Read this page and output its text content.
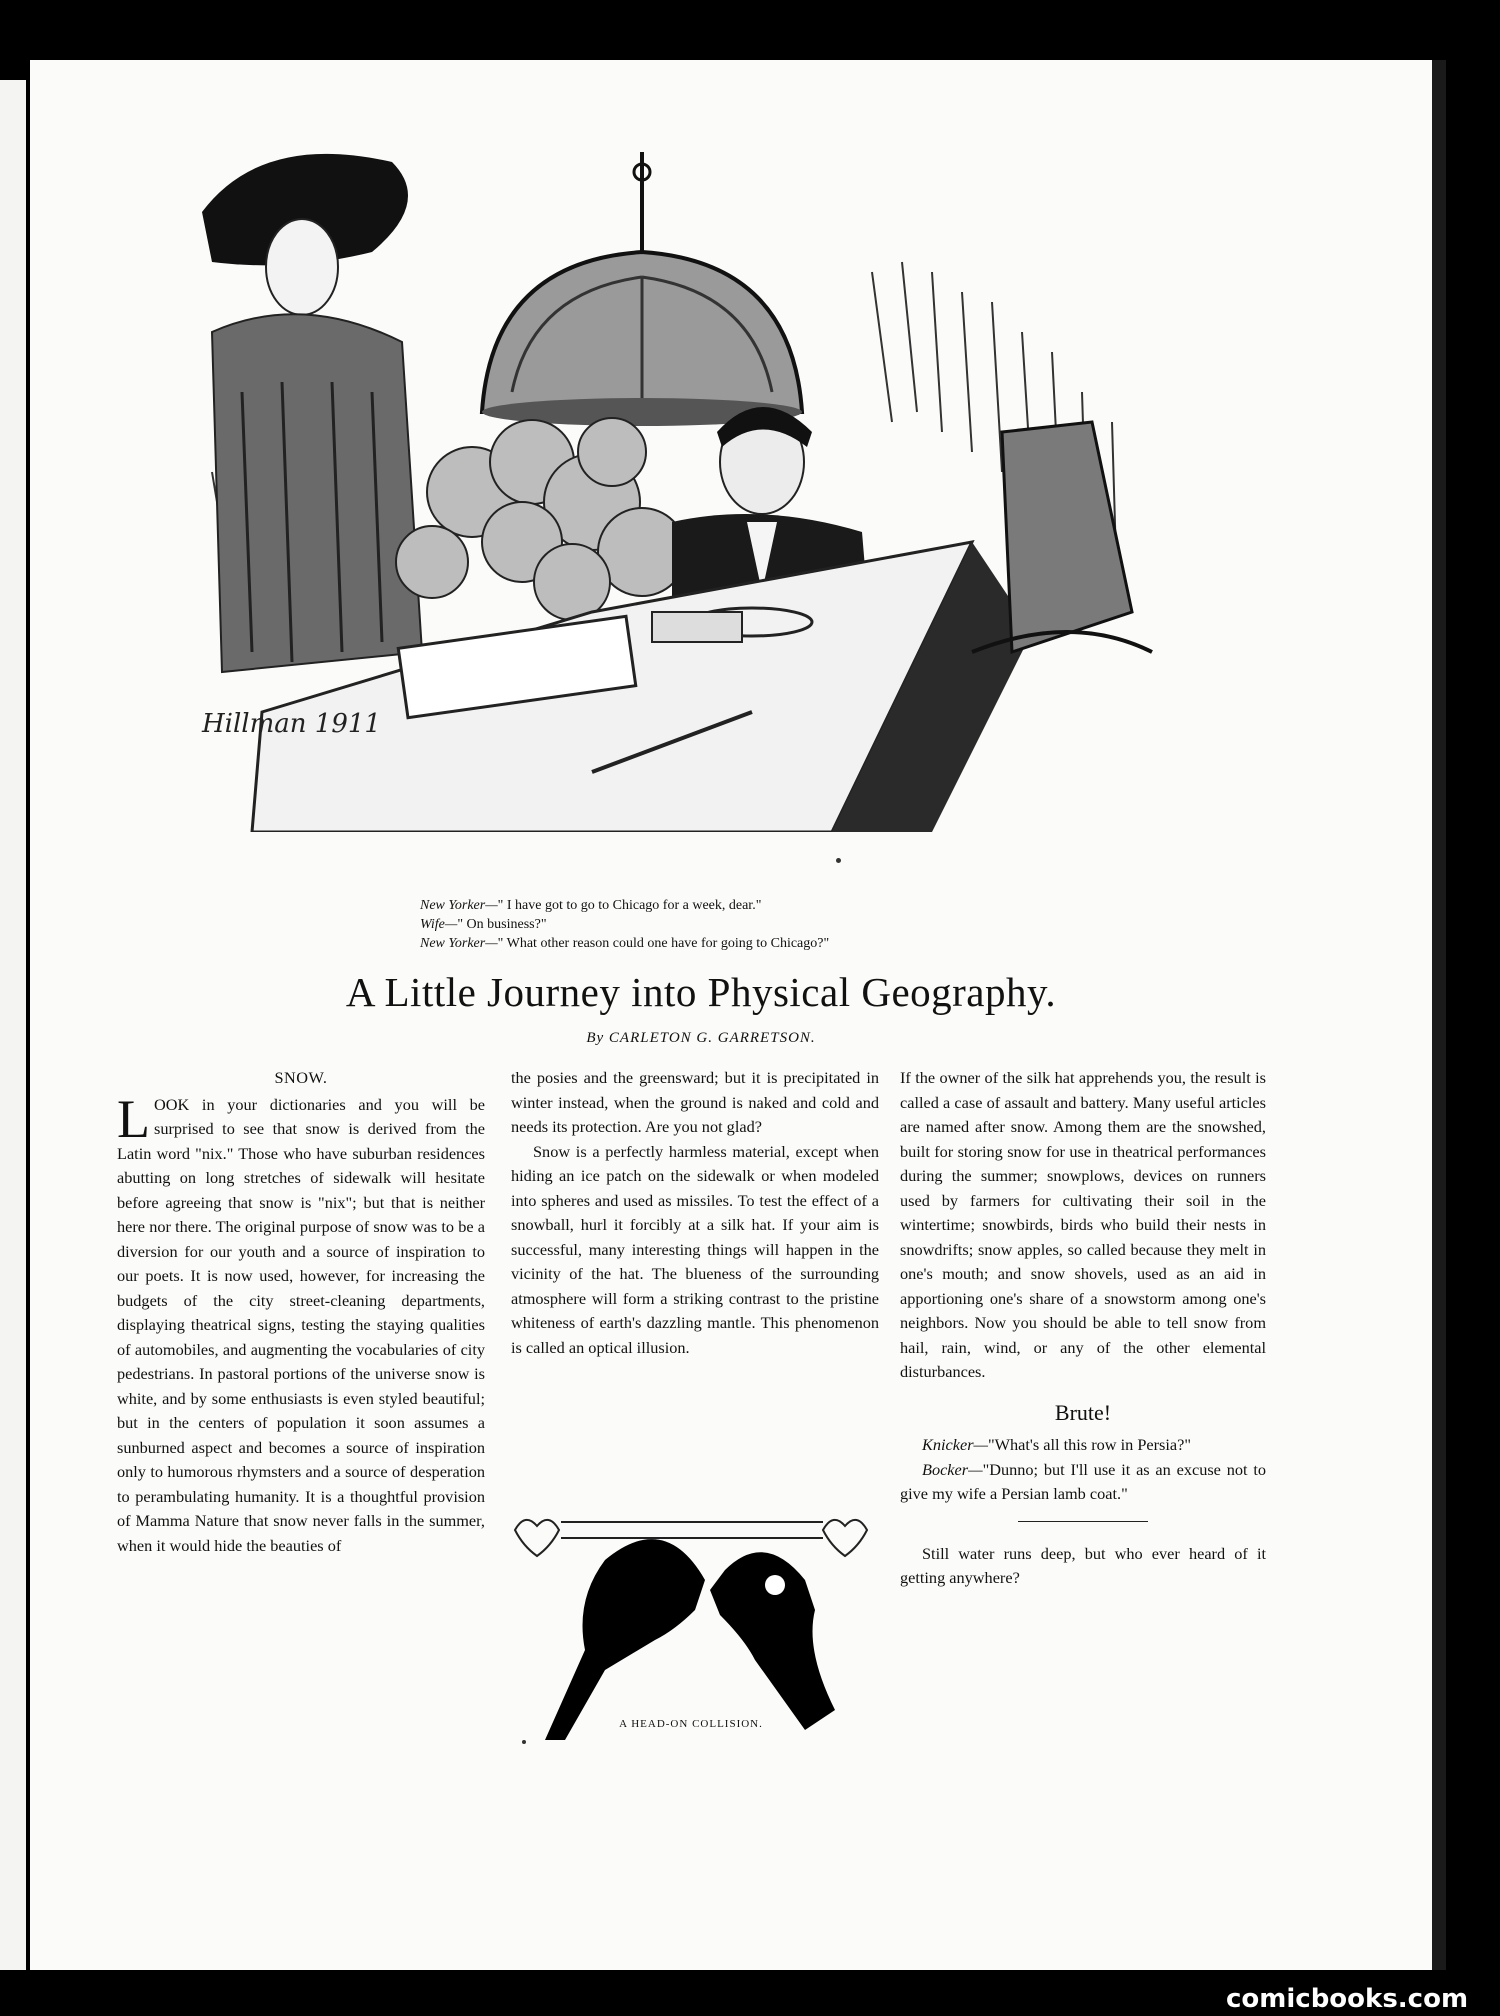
Hillman 1911
New Yorker—" I have got to go to Chicago for a week, dear."
Wife—" On business?"
New Yorker—" What other reason could one have for going to Chicago?"
A Little Journey into Physical Geography.
By CARLETON G. GARRETSON.

SNOW.

LOOK in your dictionaries and you will be surprised to see that snow is derived from the Latin word "nix." Those who have suburban residences abutting on long stretches of sidewalk will hesitate before agreeing that snow is "nix"; but that is neither here nor there. The original purpose of snow was to be a diversion for our youth and a source of inspiration to our poets. It is now used, however, for increasing the budgets of the city street-cleaning departments, displaying theatrical signs, testing the staying qualities of automobiles, and augmenting the vocabularies of city pedestrians. In pastoral portions of the universe snow is white, and by some enthusiasts is even styled beautiful; but in the centers of population it soon assumes a sunburned aspect and becomes a source of inspiration only to humorous rhymsters and a source of desperation to perambulating humanity. It is a thoughtful provision of Mamma Nature that snow never falls in the summer, when it would hide the beauties of

the posies and the greensward; but it is precipitated in winter instead, when the ground is naked and cold and needs its protection. Are you not glad?

Snow is a perfectly harmless material, except when hiding an ice patch on the sidewalk or when modeled into spheres and used as missiles. To test the effect of a snowball, hurl it forcibly at a silk hat. If your aim is successful, many interesting things will happen in the vicinity of the hat. The blueness of the surrounding atmosphere will form a striking contrast to the pristine whiteness of earth's dazzling mantle. This phenomenon is called an optical illusion.

A HEAD-ON COLLISION.

If the owner of the silk hat apprehends you, the result is called a case of assault and battery. Many useful articles are named after snow. Among them are the snowshed, built for storing snow for use in theatrical performances during the summer; snowplows, devices on runners used by farmers for cultivating their soil in the wintertime; snowbirds, birds who build their nests in snowdrifts; snow apples, so called because they melt in one's mouth; and snow shovels, used as an aid in apportioning one's share of a snowstorm among one's neighbors. Now you should be able to tell snow from hail, rain, wind, or any of the other elemental disturbances.

Brute!

Knicker—"What's all this row in Persia?"

Bocker—"Dunno; but I'll use it as an excuse not to give my wife a Persian lamb coat."

Still water runs deep, but who ever heard of it getting anywhere?

comicbooks.com
